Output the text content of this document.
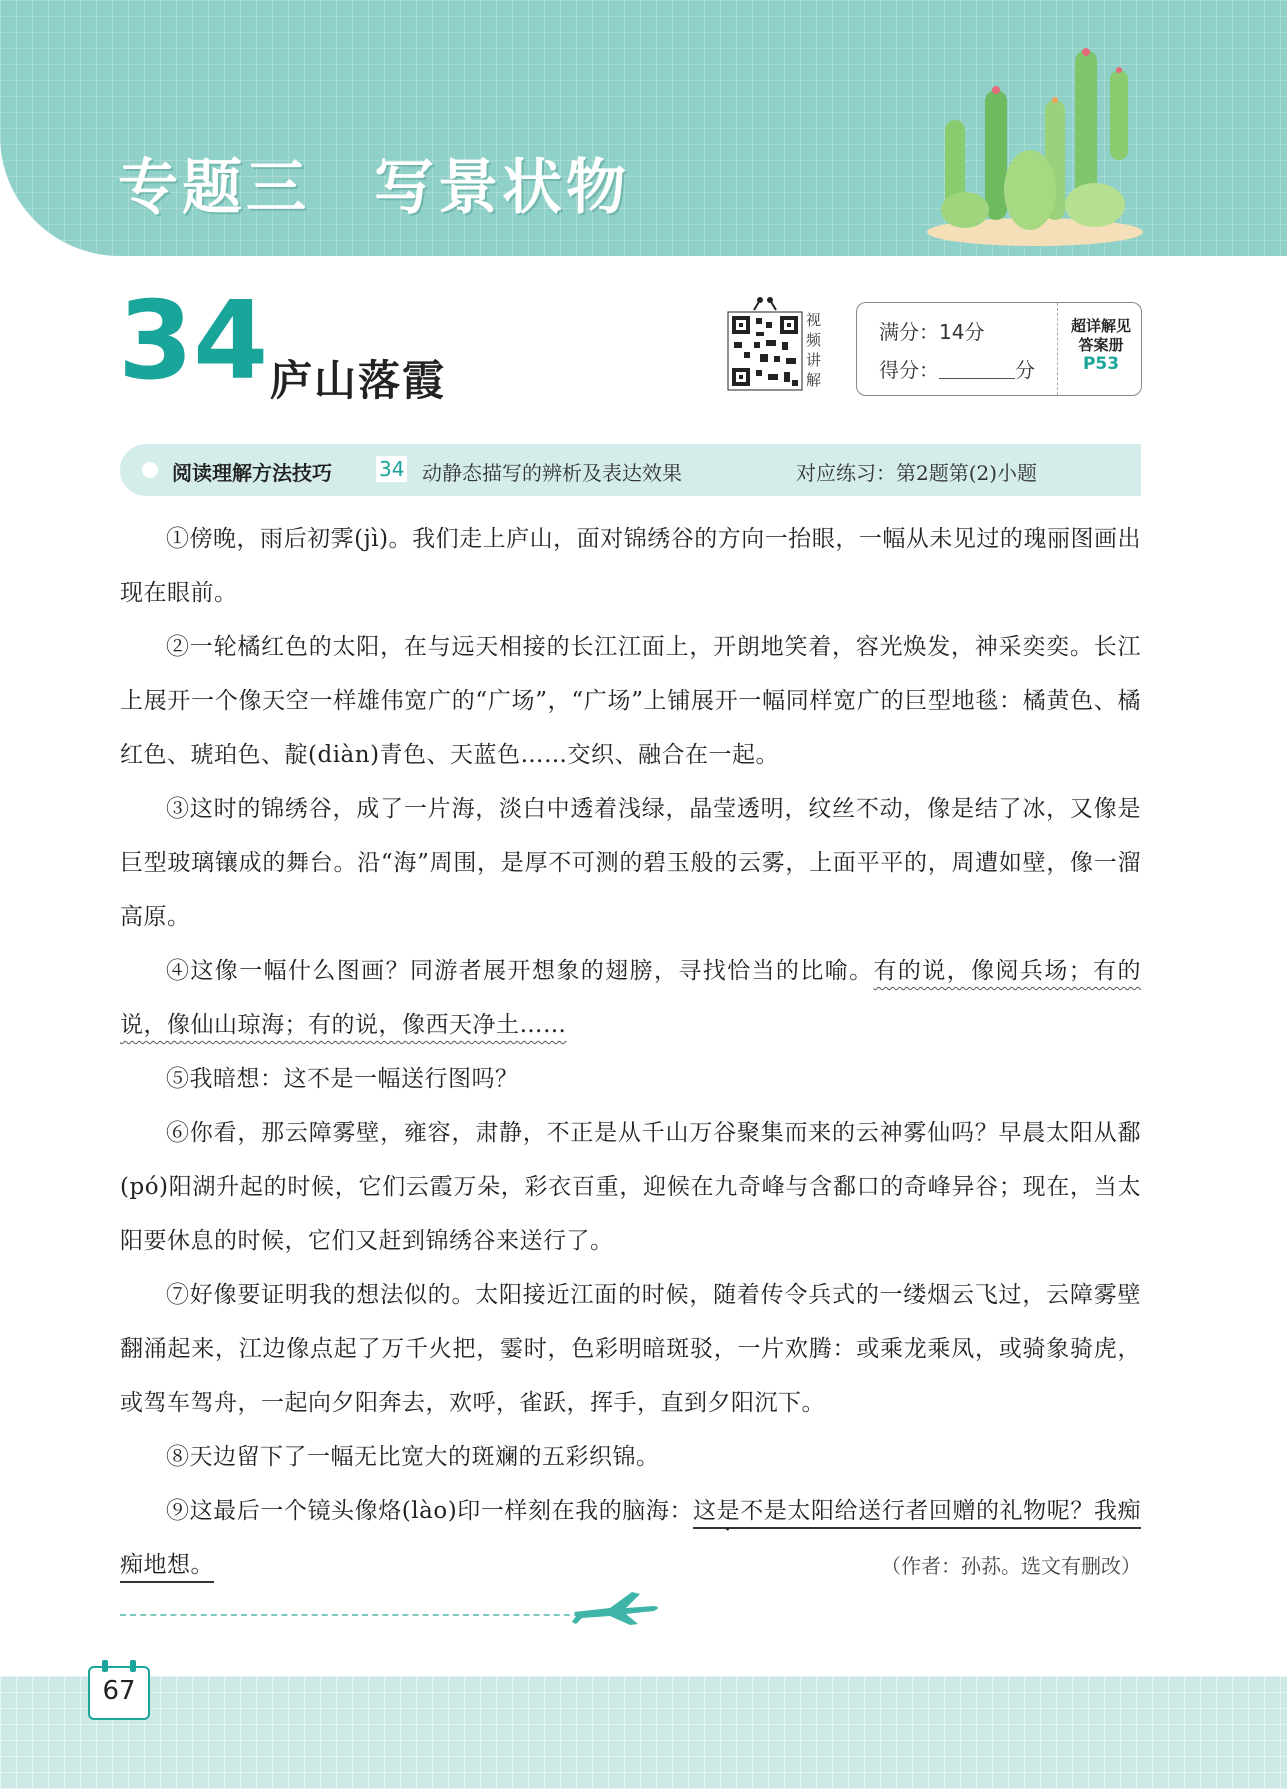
专题三　写景状物
34 庐山落霞
视频讲解
满分：14分
得分：	分
超详解见
答案册
P53
阅读理解方法技巧 34 动静态描写的辨析及表达效果	对应练习：第2题第(2)小题

①傍晚，雨后初霁(jì)。我们走上庐山，面对锦绣谷的方向一抬眼，一幅从未见过的瑰丽图画出现在眼前。

②一轮橘红色的太阳，在与远天相接的长江江面上，开朗地笑着，容光焕发，神采奕奕。长江上展开一个像天空一样雄伟宽广的“广场”，“广场”上铺展开一幅同样宽广的巨型地毯：橘黄色、橘红色、琥珀色、靛(diàn)青色、天蓝色……交织、融合在一起。

③这时的锦绣谷，成了一片海，淡白中透着浅绿，晶莹透明，纹丝不动，像是结了冰，又像是巨型玻璃镶成的舞台。沿“海”周围，是厚不可测的碧玉般的云雾，上面平平的，周遭如壁，像一溜高原。

④这像一幅什么图画？同游者展开想象的翅膀，寻找恰当的比喻。有的说，像阅兵场；有的说，像仙山琼海；有的说，像西天净土……

⑤我暗想：这不是一幅送行图吗？

⑥你看，那云障雾壁，雍容，肃静，不正是从千山万谷聚集而来的云神雾仙吗？早晨太阳从鄱(pó)阳湖升起的时候，它们云霞万朵，彩衣百重，迎候在九奇峰与含鄱口的奇峰异谷；现在，当太阳要休息的时候，它们又赶到锦绣谷来送行了。

⑦好像要证明我的想法似的。太阳接近江面的时候，随着传令兵式的一缕烟云飞过，云障雾壁翻涌起来，江边像点起了万千火把，霎时，色彩明暗斑驳，一片欢腾：或乘龙乘凤，或骑象骑虎，或驾车驾舟，一起向夕阳奔去，欢呼，雀跃，挥手，直到夕阳沉下。

⑧天边留下了一幅无比宽大的斑斓的五彩织锦。

⑨这最后一个镜头像烙(lào)印一样刻在我的脑海：这是不是太阳给送行者回赠的礼物呢？我痴痴地想。	（作者：孙荪。选文有删改）
67
